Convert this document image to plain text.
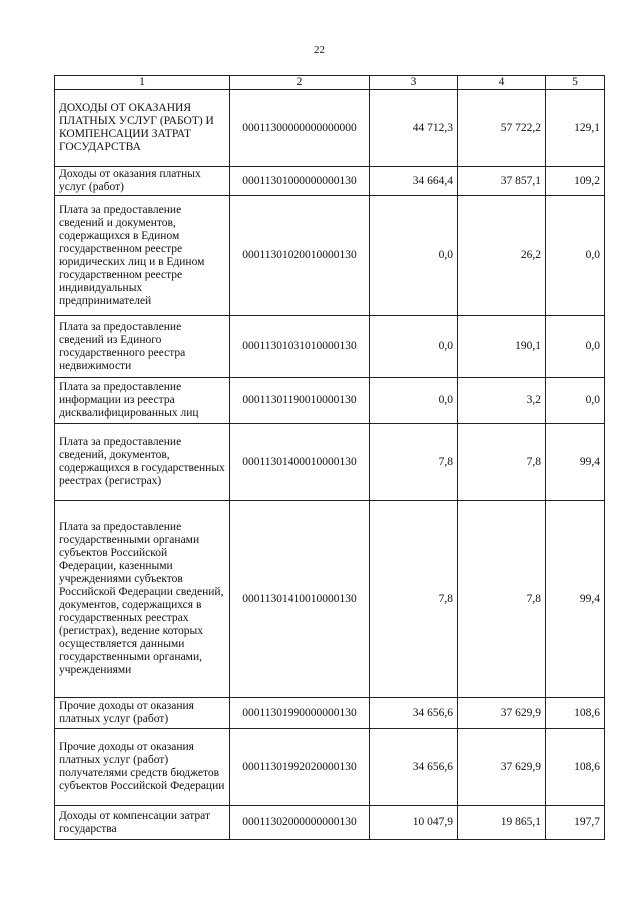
22
1	2	3	4	5
ДОХОДЫ ОТ ОКАЗАНИЯ ПЛАТНЫХ УСЛУГ (РАБОТ) И КОМПЕНСАЦИИ ЗАТРАТ ГОСУДАРСТВА	00011300000000000000	44 712,3	57 722,2	129,1
Доходы от оказания платных услуг (работ)	00011301000000000130	34 664,4	37 857,1	109,2
Плата за предоставление сведений и документов, содержащихся в Едином государственном реестре юридических лиц и в Едином государственном реестре индивидуальных предпринимателей	00011301020010000130	0,0	26,2	0,0
Плата за предоставление сведений из Единого государственного реестра недвижимости	00011301031010000130	0,0	190,1	0,0
Плата за предоставление информации из реестра дисквалифицированных лиц	00011301190010000130	0,0	3,2	0,0
Плата за предоставление сведений, документов, содержащихся в государственных реестрах (регистрах)	00011301400010000130	7,8	7,8	99,4
Плата за предоставление государственными органами субъектов Российской Федерации, казенными учреждениями субъектов Российской Федерации сведений, документов, содержащихся в государственных реестрах (регистрах), ведение которых осуществляется данными государственными органами, учреждениями	00011301410010000130	7,8	7,8	99,4
Прочие доходы от оказания платных услуг (работ)	00011301990000000130	34 656,6	37 629,9	108,6
Прочие доходы от оказания платных услуг (работ) получателями средств бюджетов субъектов Российской Федерации	00011301992020000130	34 656,6	37 629,9	108,6
Доходы от компенсации затрат государства	00011302000000000130	10 047,9	19 865,1	197,7
